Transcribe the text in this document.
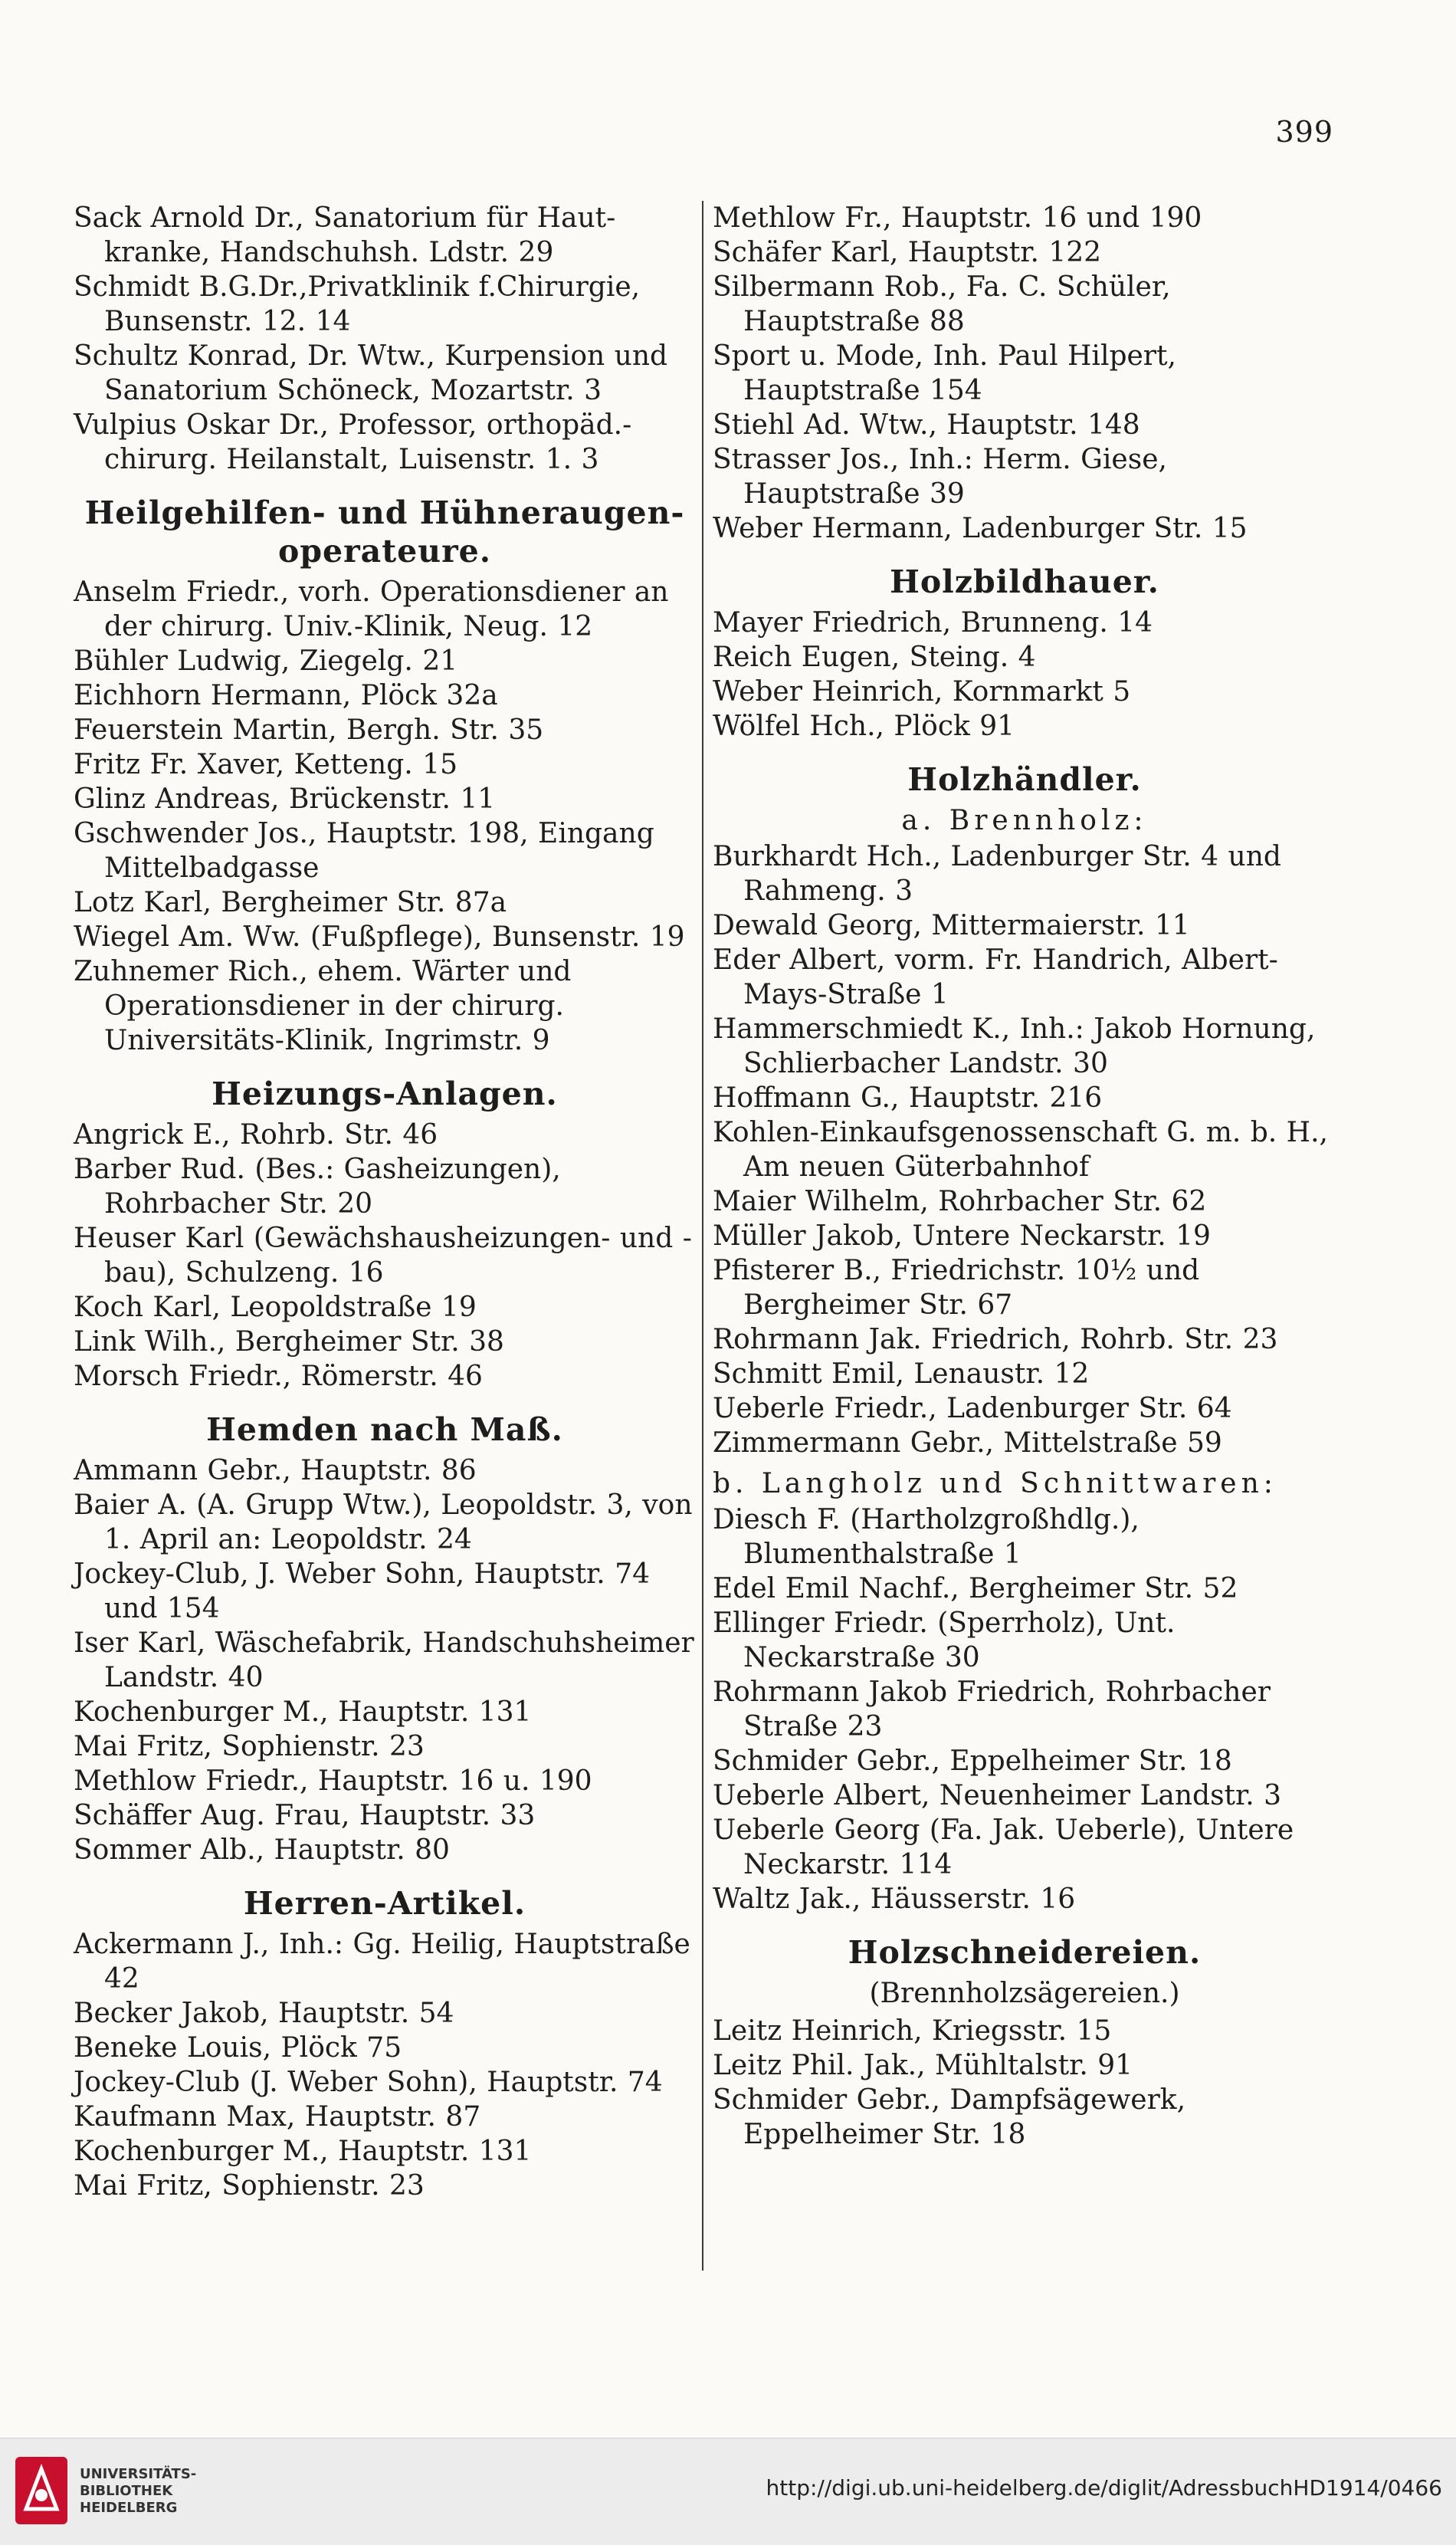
399
Sack Arnold Dr., Sanatorium für Haut-kranke, Handschuhsh. Ldstr. 29
Schmidt B.G.Dr.,Privatklinik f.Chirurgie, Bunsenstr. 12. 14
Schultz Konrad, Dr. Wtw., Kurpension und Sanatorium Schöneck, Mozartstr. 3
Vulpius Oskar Dr., Professor, orthopäd.-chirurg. Heilanstalt, Luisenstr. 1. 3
Heilgehilfen- und Hühneraugen-operateure.
Anselm Friedr., vorh. Operationsdiener an der chirurg. Univ.-Klinik, Neug. 12
Bühler Ludwig, Ziegelg. 21
Eichhorn Hermann, Plöck 32a
Feuerstein Martin, Bergh. Str. 35
Fritz Fr. Xaver, Ketteng. 15
Glinz Andreas, Brückenstr. 11
Gschwender Jos., Hauptstr. 198, Eingang Mittelbadgasse
Lotz Karl, Bergheimer Str. 87a
Wiegel Am. Ww. (Fußpflege), Bunsenstr. 19
Zuhnemer Rich., ehem. Wärter und Operationsdiener in der chirurg. Universitäts-Klinik, Ingrimstr. 9
Heizungs-Anlagen.
Angrick E., Rohrb. Str. 46
Barber Rud. (Bes.: Gasheizungen), Rohrbacher Str. 20
Heuser Karl (Gewächshausheizungen- und -bau), Schulzeng. 16
Koch Karl, Leopoldstraße 19
Link Wilh., Bergheimer Str. 38
Morsch Friedr., Römerstr. 46
Hemden nach Maß.
Ammann Gebr., Hauptstr. 86
Baier A. (A. Grupp Wtw.), Leopoldstr. 3, von 1. April an: Leopoldstr. 24
Jockey-Club, J. Weber Sohn, Hauptstr. 74 und 154
Iser Karl, Wäschefabrik, Handschuhsheimer Landstr. 40
Kochenburger M., Hauptstr. 131
Mai Fritz, Sophienstr. 23
Methlow Friedr., Hauptstr. 16 u. 190
Schäffer Aug. Frau, Hauptstr. 33
Sommer Alb., Hauptstr. 80
Herren-Artikel.
Ackermann J., Inh.: Gg. Heilig, Hauptstraße 42
Becker Jakob, Hauptstr. 54
Beneke Louis, Plöck 75
Jockey-Club (J. Weber Sohn), Hauptstr. 74
Kaufmann Max, Hauptstr. 87
Kochenburger M., Hauptstr. 131
Mai Fritz, Sophienstr. 23
Methlow Fr., Hauptstr. 16 und 190
Schäfer Karl, Hauptstr. 122
Silbermann Rob., Fa. C. Schüler, Hauptstraße 88
Sport u. Mode, Inh. Paul Hilpert, Hauptstraße 154
Stiehl Ad. Wtw., Hauptstr. 148
Strasser Jos., Inh.: Herm. Giese, Hauptstraße 39
Weber Hermann, Ladenburger Str. 15
Holzbildhauer.
Mayer Friedrich, Brunneng. 14
Reich Eugen, Steing. 4
Weber Heinrich, Kornmarkt 5
Wölfel Hch., Plöck 91
Holzhändler.
a. Brennholz:
Burkhardt Hch., Ladenburger Str. 4 und Rahmeng. 3
Dewald Georg, Mittermaierstr. 11
Eder Albert, vorm. Fr. Handrich, Albert-Mays-Straße 1
Hammerschmiedt K., Inh.: Jakob Hornung, Schlierbacher Landstr. 30
Hoffmann G., Hauptstr. 216
Kohlen-Einkaufsgenossenschaft G. m. b. H., Am neuen Güterbahnhof
Maier Wilhelm, Rohrbacher Str. 62
Müller Jakob, Untere Neckarstr. 19
Pfisterer B., Friedrichstr. 10½ und Bergheimer Str. 67
Rohrmann Jak. Friedrich, Rohrb. Str. 23
Schmitt Emil, Lenaustr. 12
Ueberle Friedr., Ladenburger Str. 64
Zimmermann Gebr., Mittelstraße 59
b. Langholz und Schnittwaren:
Diesch F. (Hartholzgroßhdlg.), Blumenthalstraße 1
Edel Emil Nachf., Bergheimer Str. 52
Ellinger Friedr. (Sperrholz), Unt. Neckarstraße 30
Rohrmann Jakob Friedrich, Rohrbacher Straße 23
Schmider Gebr., Eppelheimer Str. 18
Ueberle Albert, Neuenheimer Landstr. 3
Ueberle Georg (Fa. Jak. Ueberle), Untere Neckarstr. 114
Waltz Jak., Häusserstr. 16
Holzschneidereien.
(Brennholzsägereien.)
Leitz Heinrich, Kriegsstr. 15
Leitz Phil. Jak., Mühltalstr. 91
Schmider Gebr., Dampfsägewerk, Eppelheimer Str. 18
UNIVERSITÄTS-
BIBLIOTHEK
HEIDELBERG
http://digi.ub.uni-heidelberg.de/diglit/AdressbuchHD1914/0466
